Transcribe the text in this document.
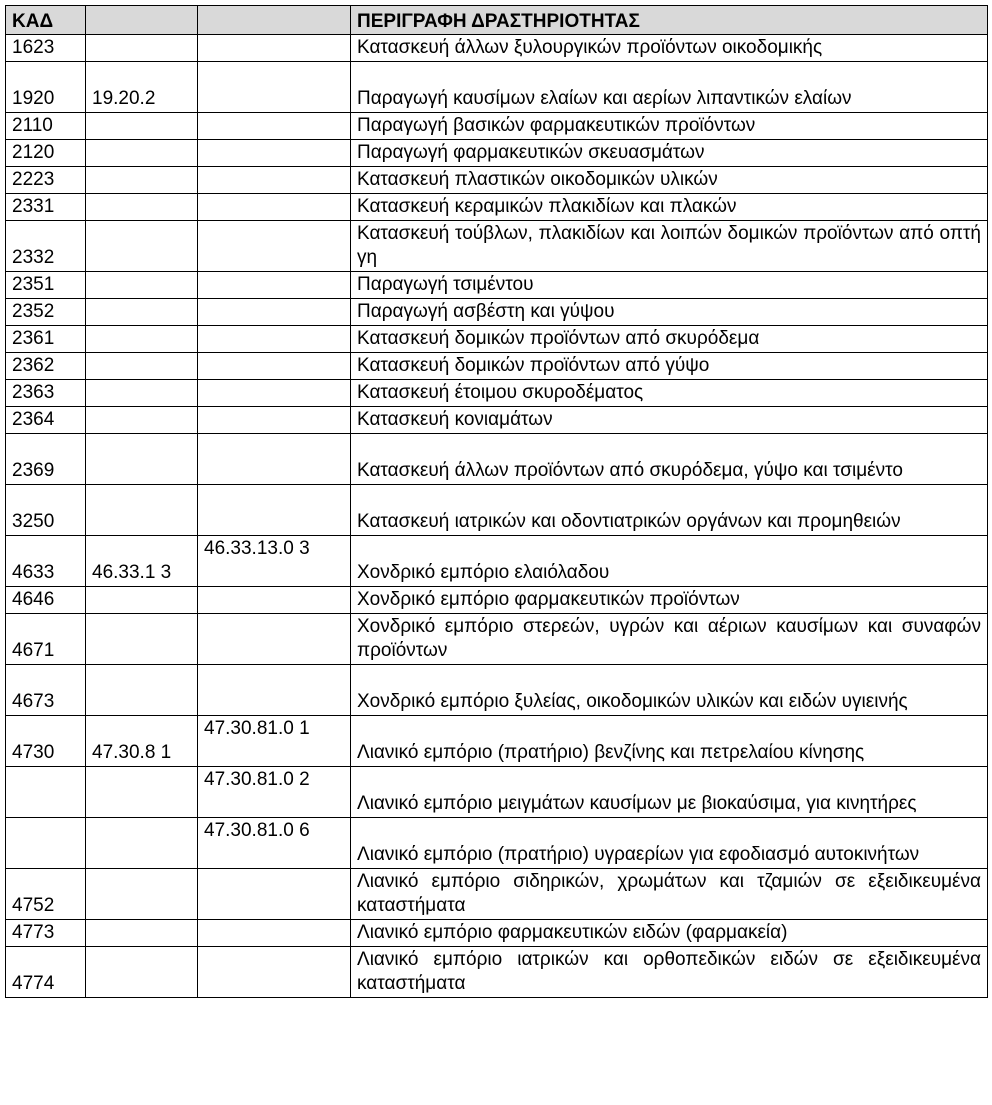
ΚΑΔ			ΠΕΡΙΓΡΑΦΗ ΔΡΑΣΤΗΡΙΟΤΗΤΑΣ
1623			Κατασκευή άλλων ξυλουργικών προϊόντων οικοδομικής
1920	19.20.2		Παραγωγή καυσίμων ελαίων και αερίων λιπαντικών ελαίων
2110			Παραγωγή βασικών φαρμακευτικών προϊόντων
2120			Παραγωγή φαρμακευτικών σκευασμάτων
2223			Κατασκευή πλαστικών οικοδομικών υλικών
2331			Κατασκευή κεραμικών πλακιδίων και πλακών
2332			Κατασκευή τούβλων, πλακιδίων και λοιπών δομικών προϊόντων από οπτή γη
2351			Παραγωγή τσιμέντου
2352			Παραγωγή ασβέστη και γύψου
2361			Κατασκευή δομικών προϊόντων από σκυρόδεμα
2362			Κατασκευή δομικών προϊόντων από γύψο
2363			Κατασκευή έτοιμου σκυροδέματος
2364			Κατασκευή κονιαμάτων
2369			Κατασκευή άλλων προϊόντων από σκυρόδεμα, γύψο και τσιμέντο
3250			Κατασκευή ιατρικών και οδοντιατρικών οργάνων και προμηθειών
4633	46.33.1 3	46.33.13.0 3	Χονδρικό εμπόριο ελαιόλαδου
4646			Χονδρικό εμπόριο φαρμακευτικών προϊόντων
4671			Χονδρικό εμπόριο στερεών, υγρών και αέριων καυσίμων και συναφών προϊόντων
4673			Χονδρικό εμπόριο ξυλείας, οικοδομικών υλικών και ειδών υγιεινής
4730	47.30.8 1	47.30.81.0 1	Λιανικό εμπόριο (πρατήριο) βενζίνης και πετρελαίου κίνησης
		47.30.81.0 2	Λιανικό εμπόριο μειγμάτων καυσίμων με βιοκαύσιμα, για κινητήρες
		47.30.81.0 6	Λιανικό εμπόριο (πρατήριο) υγραερίων για εφοδιασμό αυτοκινήτων
4752			Λιανικό εμπόριο σιδηρικών, χρωμάτων και τζαμιών σε εξειδικευμένα καταστήματα
4773			Λιανικό εμπόριο φαρμακευτικών ειδών (φαρμακεία)
4774			Λιανικό εμπόριο ιατρικών και ορθοπεδικών ειδών σε εξειδικευμένα καταστήματα
